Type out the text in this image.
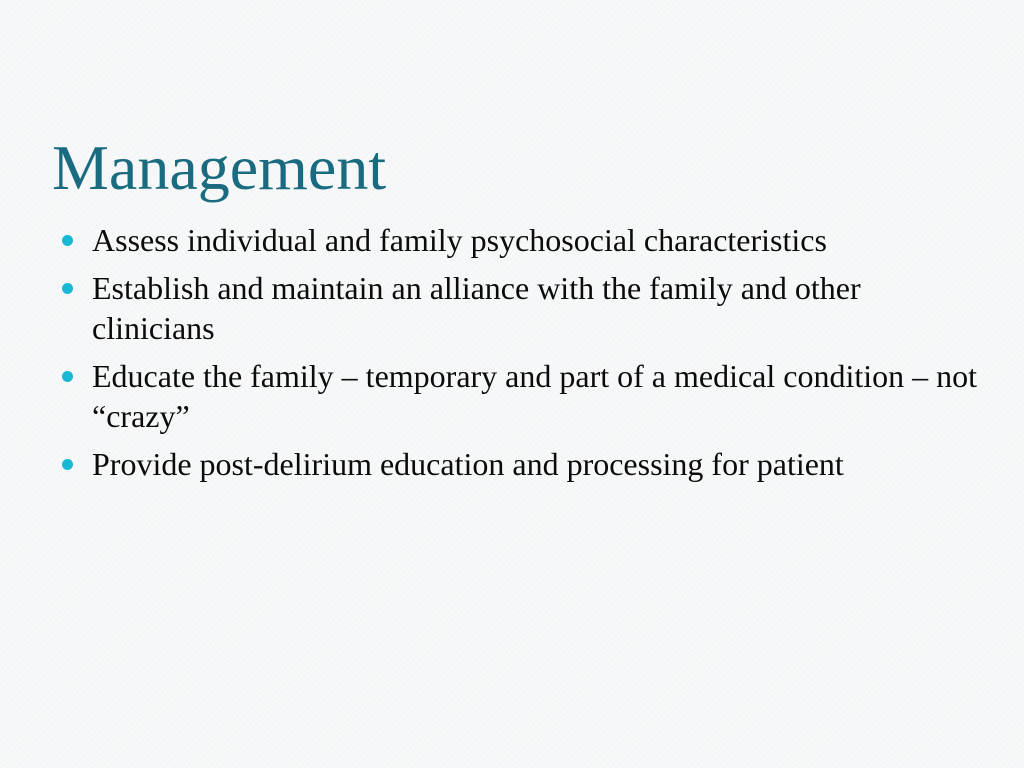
Management
Assess individual and family psychosocial characteristics
Establish and maintain an alliance with the family and other clinicians
Educate the family – temporary and part of a medical condition – not “crazy”
Provide post-delirium education and processing for patient
